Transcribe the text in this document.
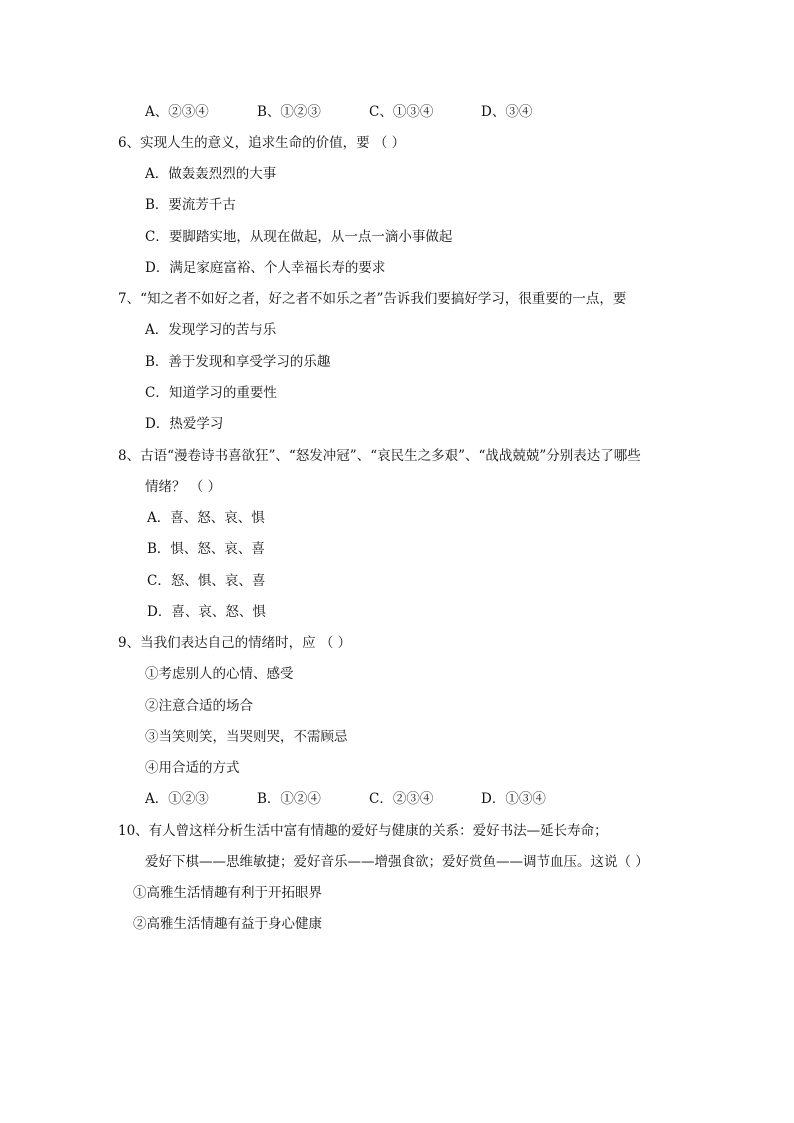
A、②③④	B、①②③	C、①③④	D、③④
6、实现人生的意义，追求生命的价值，要 （ ）
A．做轰轰烈烈的大事
B．要流芳千古
C．要脚踏实地，从现在做起，从一点一滴小事做起
D．满足家庭富裕、个人幸福长寿的要求
7、“知之者不如好之者，好之者不如乐之者”告诉我们要搞好学习，很重要的一点，要
A．发现学习的苦与乐
B．善于发现和享受学习的乐趣
C．知道学习的重要性
D．热爱学习
8、古语“漫卷诗书喜欲狂”、“怒发冲冠”、“哀民生之多艰”、“战战兢兢”分别表达了哪些
情绪？ （ ）
A．喜、怒、哀、惧
B．惧、怒、哀、喜
C．怒、惧、哀、喜
D．喜、哀、怒、惧
9、当我们表达自己的情绪时，应 （ ）
①考虑别人的心情、感受
②注意合适的场合
③当笑则笑，当哭则哭，不需顾忌
④用合适的方式
A．①②③	B．①②④	C．②③④	D．①③④
10、有人曾这样分析生活中富有情趣的爱好与健康的关系：爱好书法—延长寿命；
爱好下棋——思维敏捷；爱好音乐——增强食欲；爱好赏鱼——调节血压。这说（ ）
①高雅生活情趣有利于开拓眼界
②高雅生活情趣有益于身心健康
